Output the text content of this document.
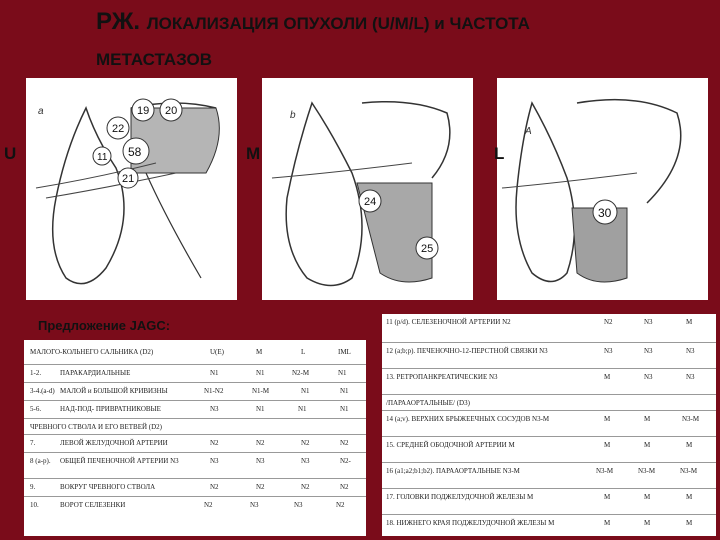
РЖ. ЛОКАЛИЗАЦИЯ ОПУХОЛИ (U/M/L) и ЧАСТОТА
МЕТАСТАЗОВ
a	19 20
22
58
11
21
b
24
25
A
30
U	M	L
Предложение JAGC:
МАЛОГО-КОЛЬНЕГО САЛЬНИКА (D2)	U(E)	M	L	IML
1-2.	ПАРАКАРДИАЛЬНЫЕ	N1	N1	N2-M	N1
3-4.(a-d) МАЛОЙ и БОЛЬШОЙ КРИВИЗНЫ	N1-N2	N1-M	N1	N1
5-6.	НАД-ПОД- ПРИВРАТНИКОВЫЕ	N3	N1	N1	N1
ЧРЕВНОГО СТВОЛА И ЕГО ВЕТВЕЙ (D2)
7.	ЛЕВОЙ ЖЕЛУДОЧНОЙ АРТЕРИИ	N2	N2	N2	N2
8 (a-p). ОБЩЕЙ ПЕЧЕНОЧНОЙ АРТЕРИИ N3	N3	N3	N3	N2-
9.	ВОКРУГ ЧРЕВНОГО СТВОЛА	N2	N2	N2	N2
10.	ВОРОТ СЕЛЕЗЕНКИ	N2	N3	N3	N2
11 (p/d). СЕЛЕЗЕНОЧНОЙ АРТЕРИИ N2	N2	N3	M
12 (a;b;p). ПЕЧЕНОЧНО-12-ПЕРСТНОЙ СВЯЗКИ N3	N3	N3	N3
13. РЕТРОПАНКРЕАТИЧЕСКИЕ N3	M	N3	N3
/ПАРААОРТАЛЬНЫЕ/ (D3)
14 (a;v). ВЕРХНИХ БРЫЖЕЕЧНЫХ СОСУДОВ N3-M	M	M	N3-M
15. СРЕДНЕЙ ОБОДОЧНОЙ АРТЕРИИ M	M	M	M
16 (a1;a2;b1;b2). ПАРААОРТАЛЬНЫЕ N3-M	N3-M	N3-M	N3-M
17. ГОЛОВКИ ПОДЖЕЛУДОЧНОЙ ЖЕЛЕЗЫ M	M	M	M
18. НИЖНЕГО КРАЯ ПОДЖЕЛУДОЧНОЙ ЖЕЛЕЗЫ M	M	M	M
